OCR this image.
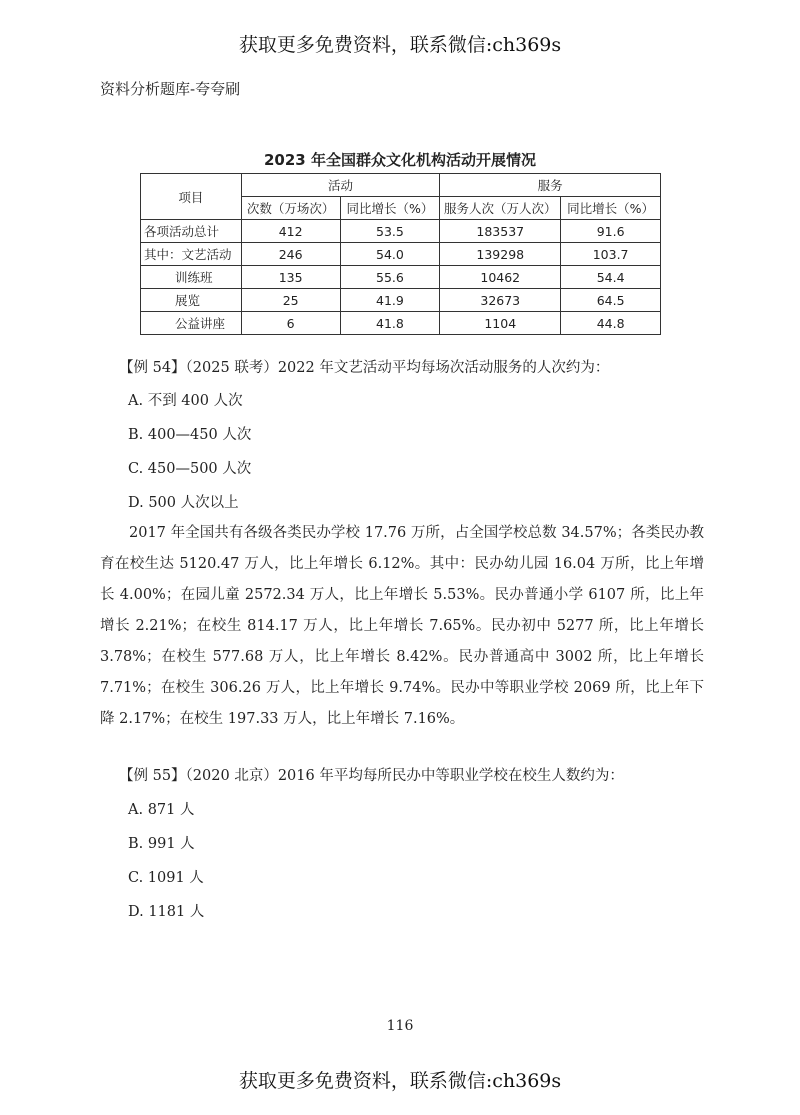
获取更多免费资料，联系微信:ch369s
资料分析题库-夸夸刷
2023 年全国群众文化机构活动开展情况
项目	活动		服务	
	次数（万场次）	同比增长（%）	服务人次（万人次）	同比增长（%）
各项活动总计	412	53.5	183537	91.6
其中：文艺活动	246	54.0	139298	103.7
训练班	135	55.6	10462	54.4
展览	25	41.9	32673	64.5
公益讲座	6	41.8	1104	44.8
【例 54】（2025 联考）2022 年文艺活动平均每场次活动服务的人次约为：
A. 不到 400 人次
B. 400—450 人次
C. 450—500 人次
D. 500 人次以上

2017 年全国共有各级各类民办学校 17.76 万所，占全国学校总数 34.57%；各类民办教育在校生达 5120.47 万人，比上年增长 6.12%。其中：民办幼儿园 16.04 万所，比上年增长 4.00%；在园儿童 2572.34 万人，比上年增长 5.53%。民办普通小学 6107 所，比上年增长 2.21%；在校生 814.17 万人，比上年增长 7.65%。民办初中 5277 所，比上年增长 3.78%；在校生 577.68 万人，比上年增长 8.42%。民办普通高中 3002 所，比上年增长 7.71%；在校生 306.26 万人，比上年增长 9.74%。民办中等职业学校 2069 所，比上年下降 2.17%；在校生 197.33 万人，比上年增长 7.16%。

【例 55】（2020 北京）2016 年平均每所民办中等职业学校在校生人数约为：
A. 871 人
B. 991 人
C. 1091 人
D. 1181 人
116
获取更多免费资料，联系微信:ch369s
